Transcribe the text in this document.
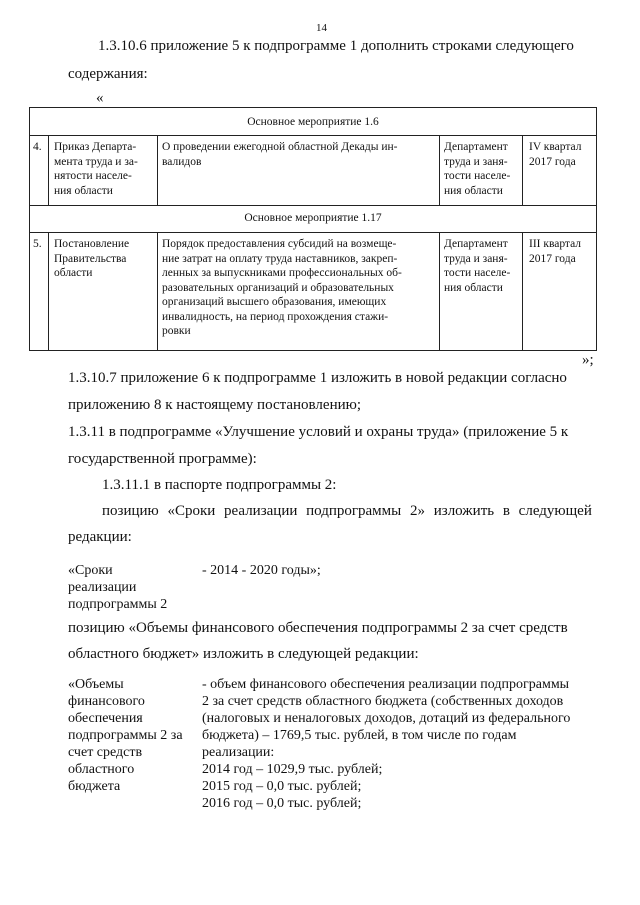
14
1.3.10.6 приложение 5 к подпрограмме 1 дополнить строками следующего
содержания:
«
Основное мероприятие 1.6
4. Приказ Департа-
мента труда и за-
нятости населе-
ния области
О проведении ежегодной областной Декады ин-
валидов
Департамент
труда и заня-
тости населе-
ния области
IV квартал
2017 года
Основное мероприятие 1.17
5. Постановление
Правительства
области
Порядок предоставления субсидий на возмеще-
ние затрат на оплату труда наставников, закреп-
ленных за выпускниками профессиональных об-
разовательных организаций и образовательных
организаций высшего образования, имеющих
инвалидность, на период прохождения стажи-
ровки
Департамент
труда и заня-
тости населе-
ния области
III квартал
2017 года
»;
1.3.10.7 приложение 6 к подпрограмме 1 изложить в новой редакции согласно
приложению 8 к настоящему постановлению;
1.3.11 в подпрограмме «Улучшение условий и охраны труда» (приложение 5 к
государственной программе):
1.3.11.1 в паспорте подпрограммы 2:
позицию «Сроки реализации подпрограммы 2» изложить в следующей
редакции:
«Сроки
реализации
подпрограммы 2
- 2014 - 2020 годы»;
позицию «Объемы финансового обеспечения подпрограммы 2 за счет средств
областного бюджет» изложить в следующей редакции:
«Объемы
финансового
обеспечения
подпрограммы 2 за
счет средств
областного
бюджета
- объем финансового обеспечения реализации подпрограммы
2 за счет средств областного бюджета (собственных доходов
(налоговых и неналоговых доходов, дотаций из федерального
бюджета) – 1769,5 тыс. рублей, в том числе по годам
реализации:
2014 год – 1029,9 тыс. рублей;
2015 год – 0,0 тыс. рублей;
2016 год – 0,0 тыс. рублей;
